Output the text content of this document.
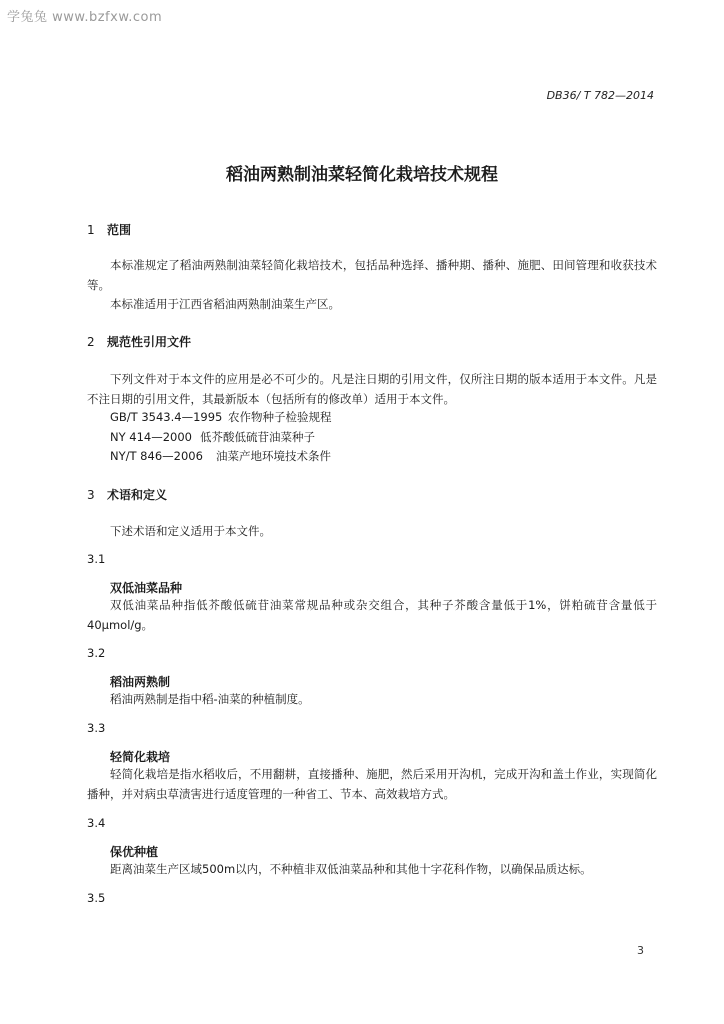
学兔兔 www.bzfxw.com
DB36/ T 782—2014
稻油两熟制油菜轻简化栽培技术规程
1 范围
本标准规定了稻油两熟制油菜轻简化栽培技术，包括品种选择、播种期、播种、施肥、田间管理和收获技术等。
本标准适用于江西省稻油两熟制油菜生产区。
2 规范性引用文件
下列文件对于本文件的应用是必不可少的。凡是注日期的引用文件，仅所注日期的版本适用于本文件。凡是不注日期的引用文件，其最新版本（包括所有的修改单）适用于本文件。
GB/T 3543.4—1995 农作物种子检验规程
NY 414—2000 低芥酸低硫苷油菜种子
NY/T 846—2006 油菜产地环境技术条件
3 术语和定义
下述术语和定义适用于本文件。
3.1
双低油菜品种
双低油菜品种指低芥酸低硫苷油菜常规品种或杂交组合，其种子芥酸含量低于1%，饼粕硫苷含量低于40μmol/g。
3.2
稻油两熟制
稻油两熟制是指中稻-油菜的种植制度。
3.3
轻简化栽培
轻简化栽培是指水稻收后，不用翻耕，直接播种、施肥，然后采用开沟机，完成开沟和盖土作业，实现简化播种，并对病虫草渍害进行适度管理的一种省工、节本、高效栽培方式。
3.4
保优种植
距离油菜生产区域500m以内，不种植非双低油菜品种和其他十字花科作物，以确保品质达标。
3.5
3
